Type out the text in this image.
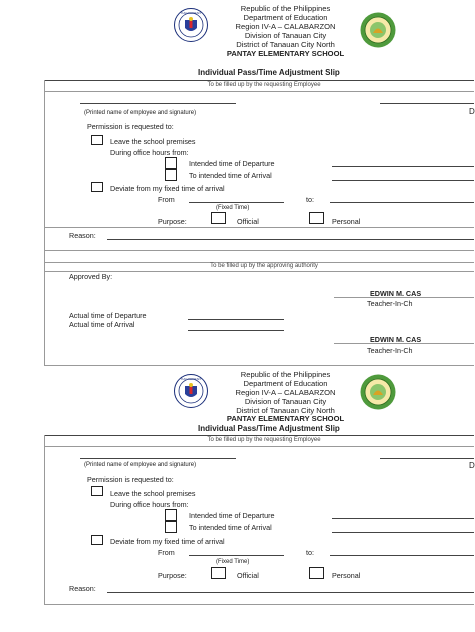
KAGAWARAN	Republic of the Philippines
Department of Education
Region IV-A – CALABARZON
Division of Tanauan City
District of Tanauan City North
PANTAY ELEMENTARY SCHOOL
Individual Pass/Time Adjustment Slip
To be filled up by the requesting Employee
D
(Printed name of employee and signature)
Permission is requested to:
Leave the school premises
During office hours from:
Intended time of Departure
To intended time of Arrival
Deviate from my fixed time of arrival
From	to:
(Fixed Time)
Purpose:	Official	Personal
Reason:
To be filled up by the approving authority
Approved By:
EDWIN M. CAS
Teacher-In-Ch
Actual time of Departure
Actual time of Arrival
EDWIN M. CAS
Teacher-In-Ch
KAGAWARAN	Republic of the Philippines
Department of Education
Region IV-A – CALABARZON
Division of Tanauan City
District of Tanauan City North
PANTAY ELEMENTARY SCHOOL
Individual Pass/Time Adjustment Slip
To be filled up by the requesting Employee
D
(Printed name of employee and signature)
Permission is requested to:
Leave the school premises
During office hours from:
Intended time of Departure
To intended time of Arrival
Deviate from my fixed time of arrival
From	to:
(Fixed Time)
Purpose:	Official	Personal
Reason:
